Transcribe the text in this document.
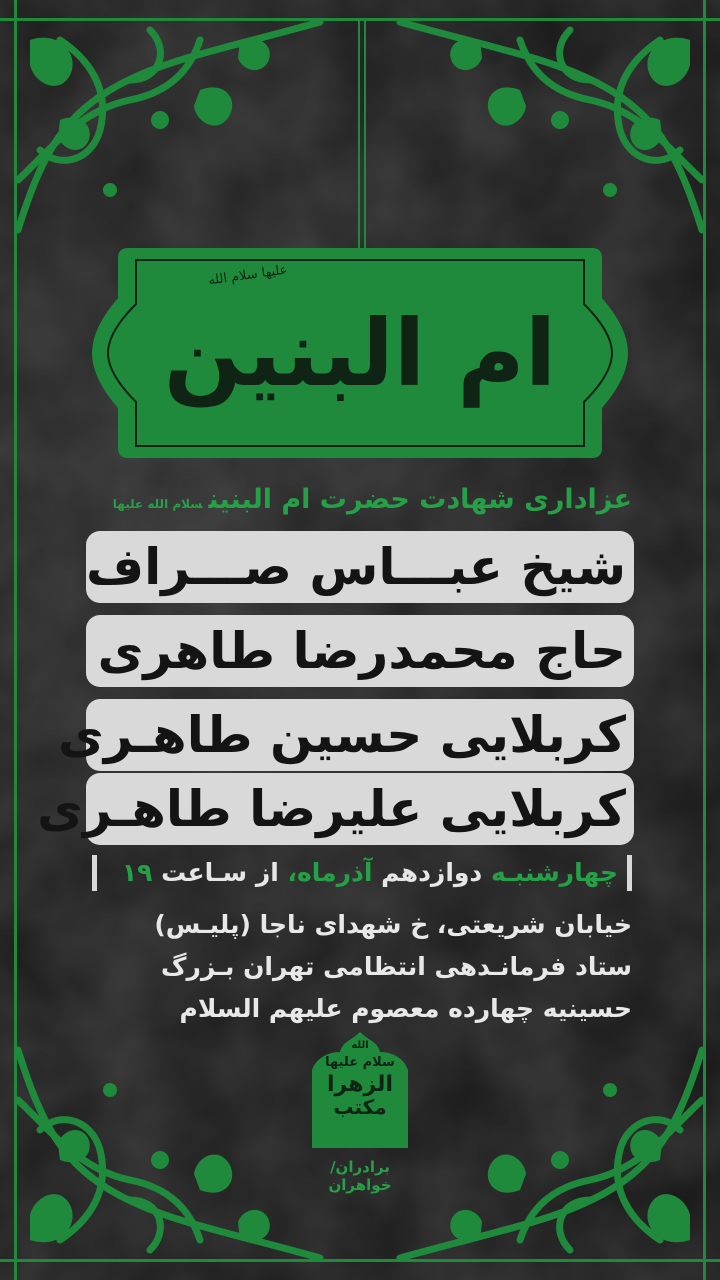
ام البنین
علیها سلام الله
عزاداری شهادت حضرت ام البنینسلام الله علیها
شیخ عبـــاس صـــراف
حاج محمدرضا طاهری
کربلایی حسین طاهـری
کربلایی علیرضا طاهـری
چهارشنبـه دوازدهم آذرماه، از سـاعت ۱۹
خیابان شریعتی، خ شهدای ناجا (پلیـس)
ستاد فرمانـدهی انتظامی تهران بـزرگ
حسینیه چهارده معصوم علیهم السلام
الله
سلام علیها
الزهرا
مکتب
برادران/خواهران
